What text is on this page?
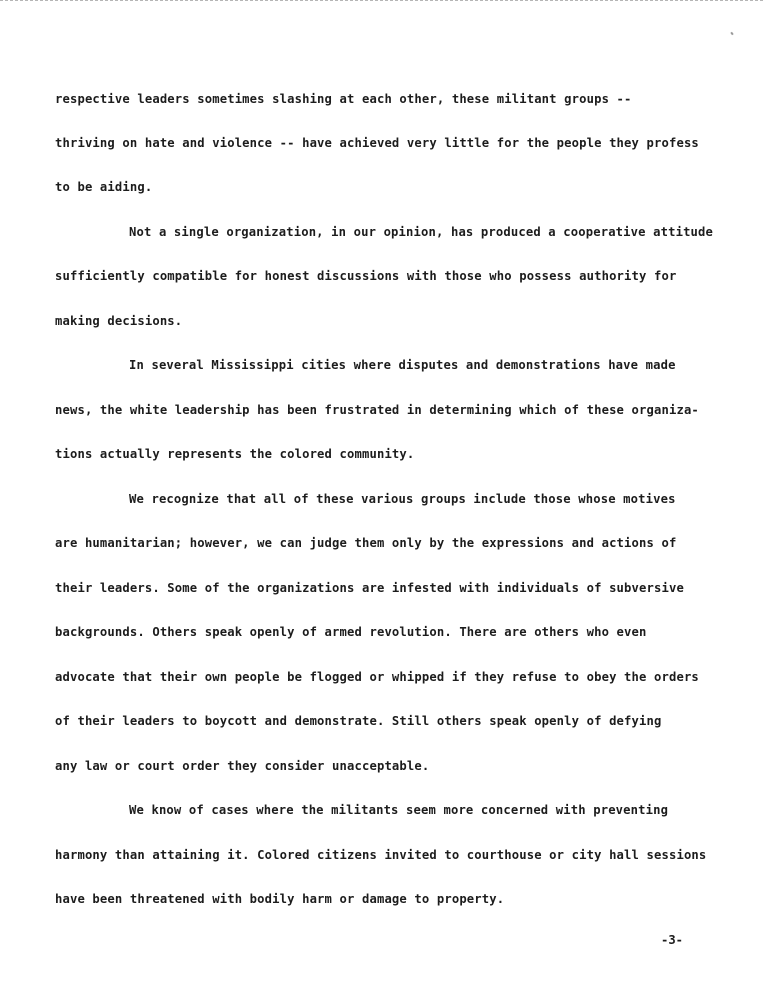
respective leaders sometimes slashing at each other, these militant groups --

thriving on hate and violence -- have achieved very little for the people they profess

to be aiding.

Not a single organization, in our opinion, has produced a cooperative attitude

sufficiently compatible for honest discussions with those who possess authority for

making decisions.

In several Mississippi cities where disputes and demonstrations have made

news, the white leadership has been frustrated in determining which of these organiza-

tions actually represents the colored community.

We recognize that all of these various groups include those whose motives

are humanitarian; however, we can judge them only by the expressions and actions of

their leaders. Some of the organizations are infested with individuals of subversive

backgrounds. Others speak openly of armed revolution. There are others who even

advocate that their own people be flogged or whipped if they refuse to obey the orders

of their leaders to boycott and demonstrate. Still others speak openly of defying

any law or court order they consider unacceptable.

We know of cases where the militants seem more concerned with preventing

harmony than attaining it. Colored citizens invited to courthouse or city hall sessions

have been threatened with bodily harm or damage to property.

-3-
